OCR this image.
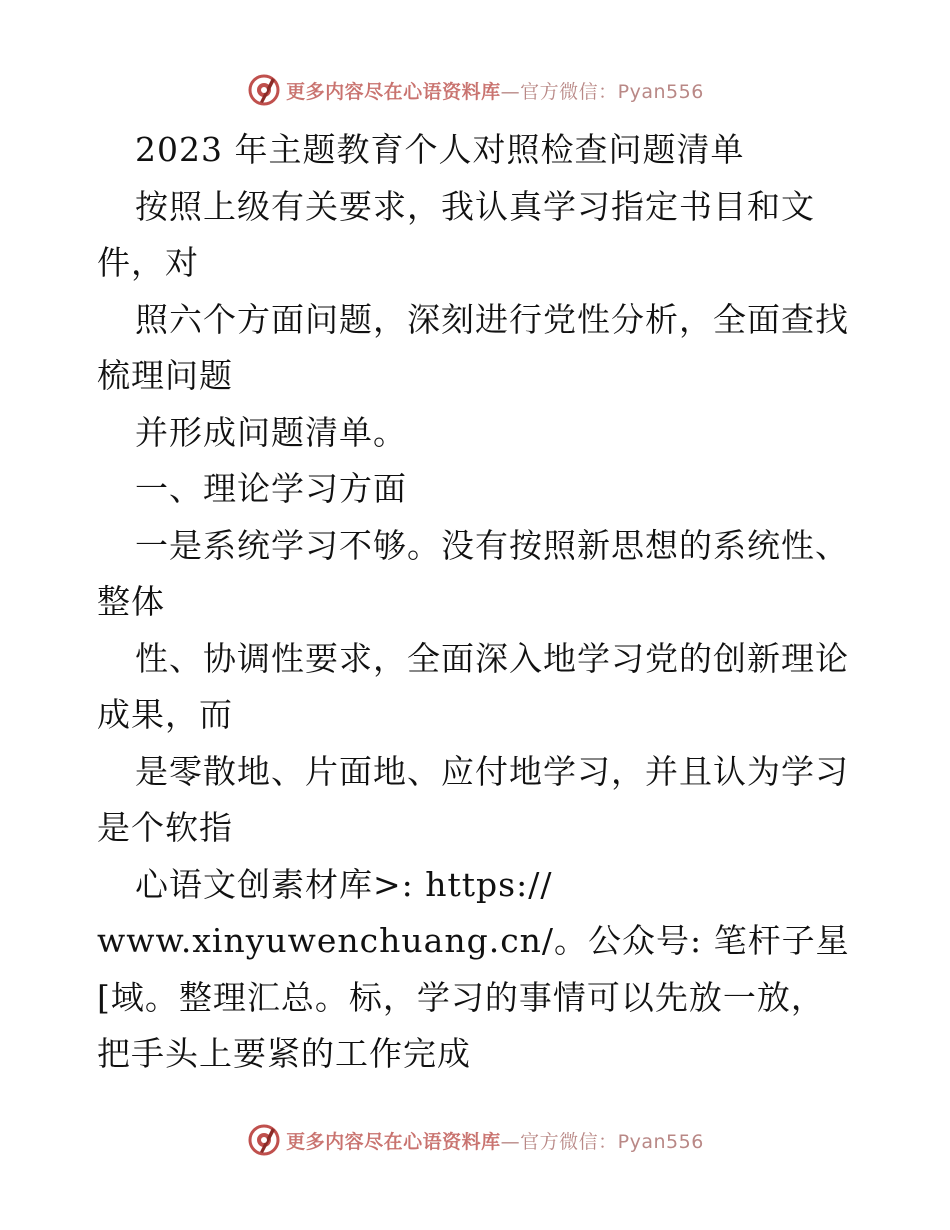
更多内容尽在心语资料库—官方微信：Pyan556
2023 年主题教育个人对照检查问题清单
按照上级有关要求，我认真学习指定书目和文
件，对
照六个方面问题，深刻进行党性分析，全面查找
梳理问题
并形成问题清单。
一、理论学习方面
一是系统学习不够。没有按照新思想的系统性、
整体
性、协调性要求，全面深入地学习党的创新理论
成果，而
是零散地、片面地、应付地学习，并且认为学习
是个软指
心语文创素材库>: https://
www.xinyuwenchuang.cn/。公众号: 笔杆子星
[域。整理汇总。标，学习的事情可以先放一放，
把手头上要紧的工作完成
更多内容尽在心语资料库—官方微信：Pyan556
